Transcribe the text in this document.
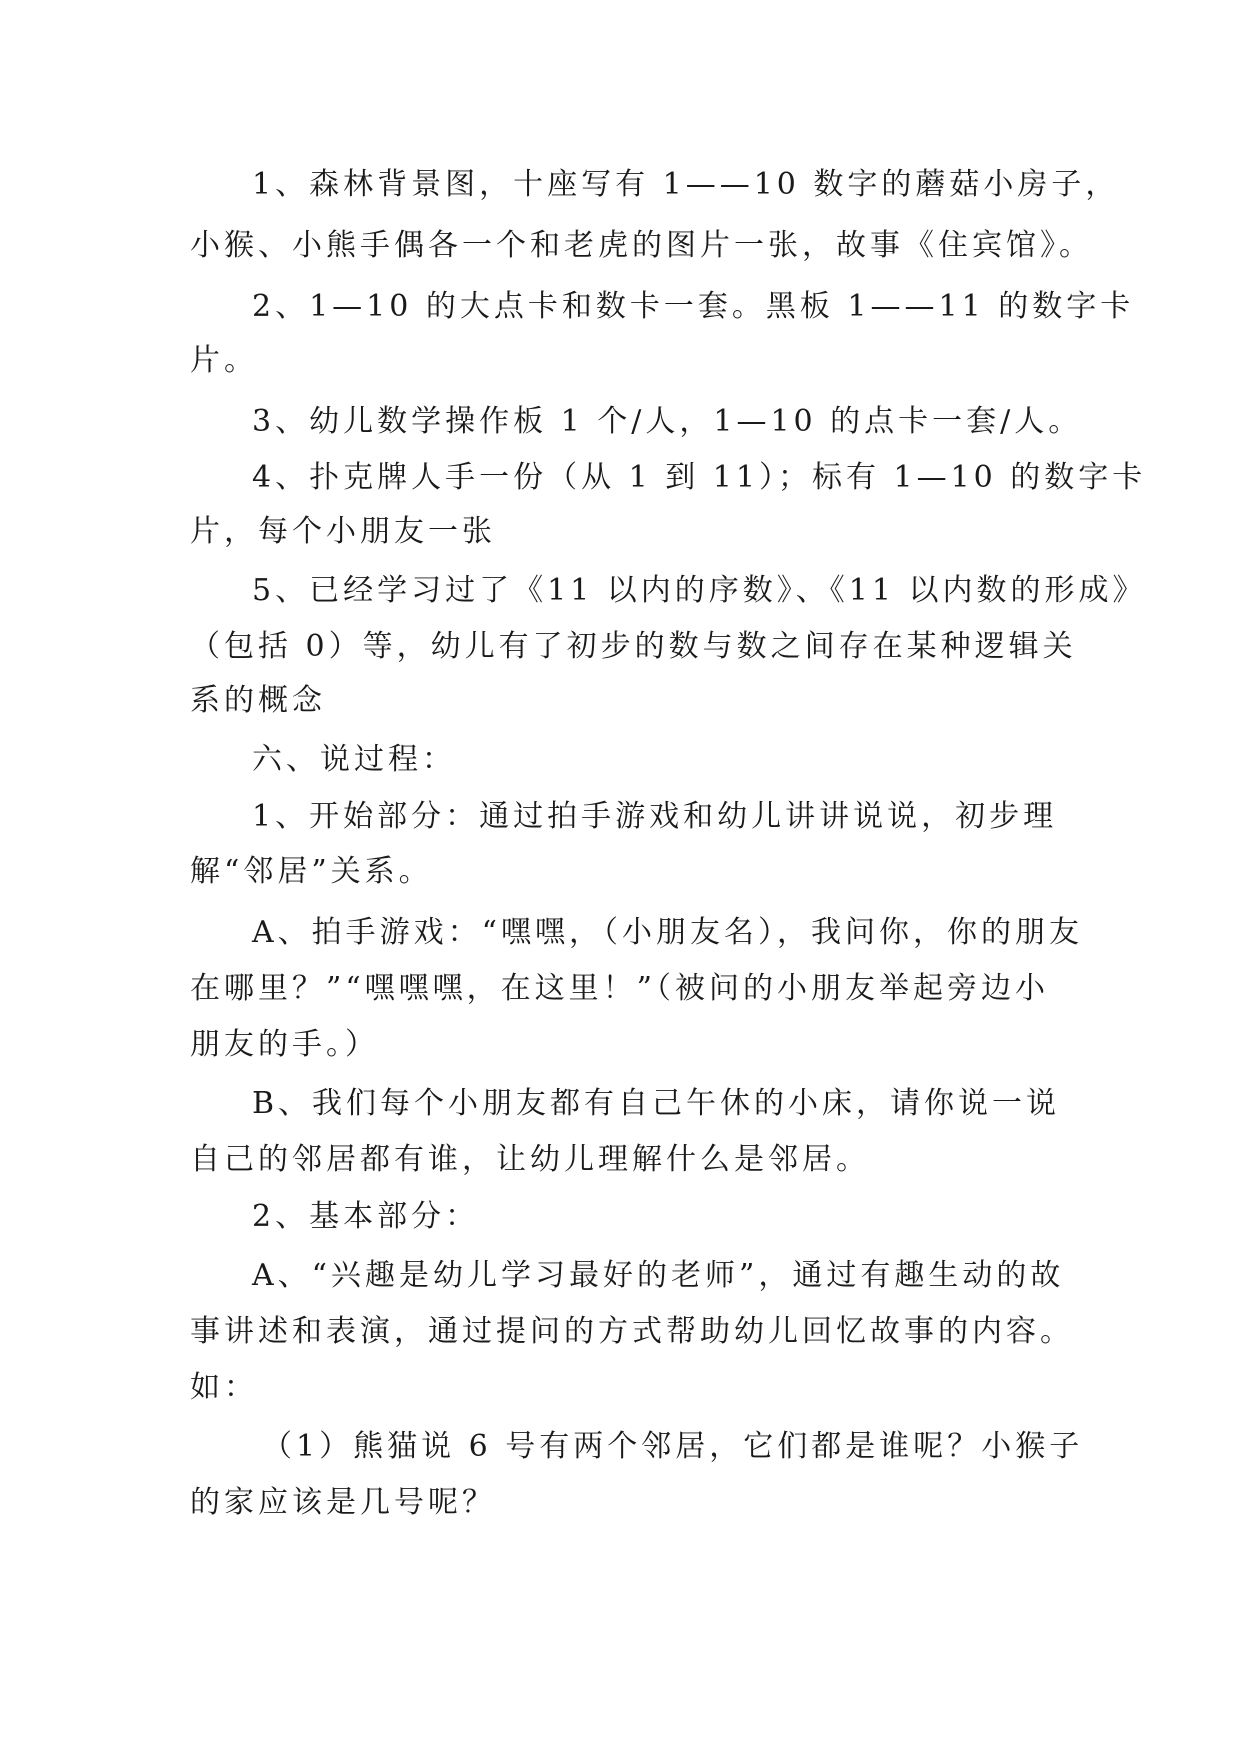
1、森林背景图，十座写有 1——10 数字的蘑菇小房子，
小猴、小熊手偶各一个和老虎的图片一张，故事《住宾馆》。
2、1—10 的大点卡和数卡一套。黑板 1——11 的数字卡
片。
3、幼儿数学操作板 1 个/人，1—10 的点卡一套/人。
4、扑克牌人手一份（从 1 到 11）；标有 1—10 的数字卡
片，每个小朋友一张
5、已经学习过了《11 以内的序数》、《11 以内数的形成》
（包括 0）等，幼儿有了初步的数与数之间存在某种逻辑关
系的概念
六、说过程：
1、开始部分：通过拍手游戏和幼儿讲讲说说，初步理
解“邻居”关系。
A、拍手游戏：“嘿嘿，（小朋友名），我问你，你的朋友
在哪里？”“嘿嘿嘿，在这里！”（被问的小朋友举起旁边小
朋友的手。）
B、我们每个小朋友都有自己午休的小床，请你说一说
自己的邻居都有谁，让幼儿理解什么是邻居。
2、基本部分：
A、“兴趣是幼儿学习最好的老师”，通过有趣生动的故
事讲述和表演，通过提问的方式帮助幼儿回忆故事的内容。
如：
（1）熊猫说 6 号有两个邻居，它们都是谁呢？小猴子
的家应该是几号呢？
